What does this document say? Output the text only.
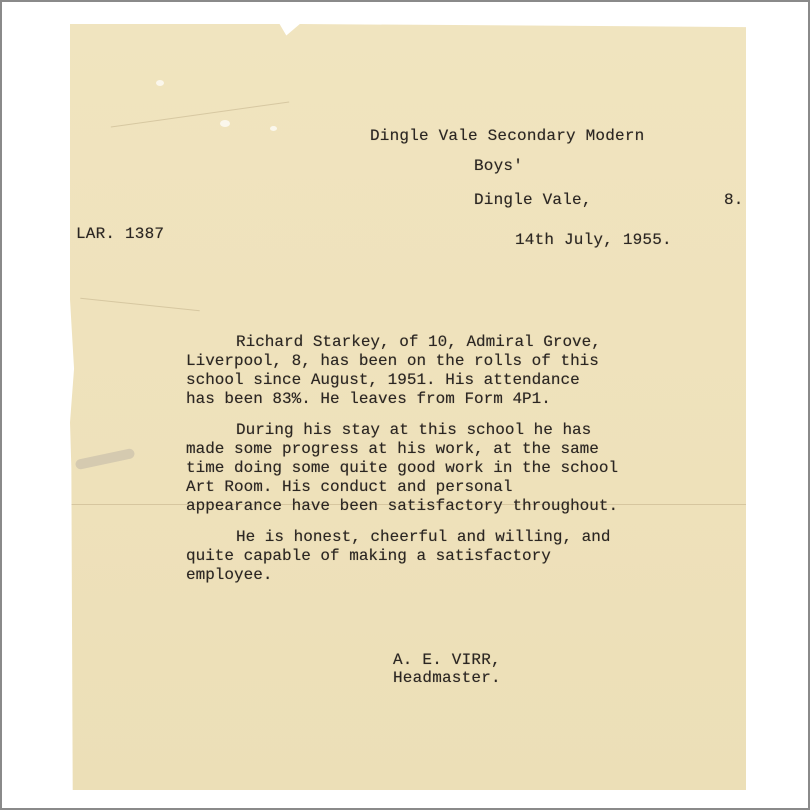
Dingle Vale Secondary Modern

Boys'

Dingle Vale,	8.

LAR. 1387	14th July, 1955.

Richard Starkey, of 10, Admiral Grove,
Liverpool, 8, has been on the rolls of this
school since August, 1951. His attendance
has been 83%. He leaves from Form 4P1.

During his stay at this school he has
made some progress at his work, at the same
time doing some quite good work in the school
Art Room. His conduct and personal
appearance have been satisfactory throughout.

He is honest, cheerful and willing, and
quite capable of making a satisfactory
employee.

A. E. VIRR,

Headmaster.
